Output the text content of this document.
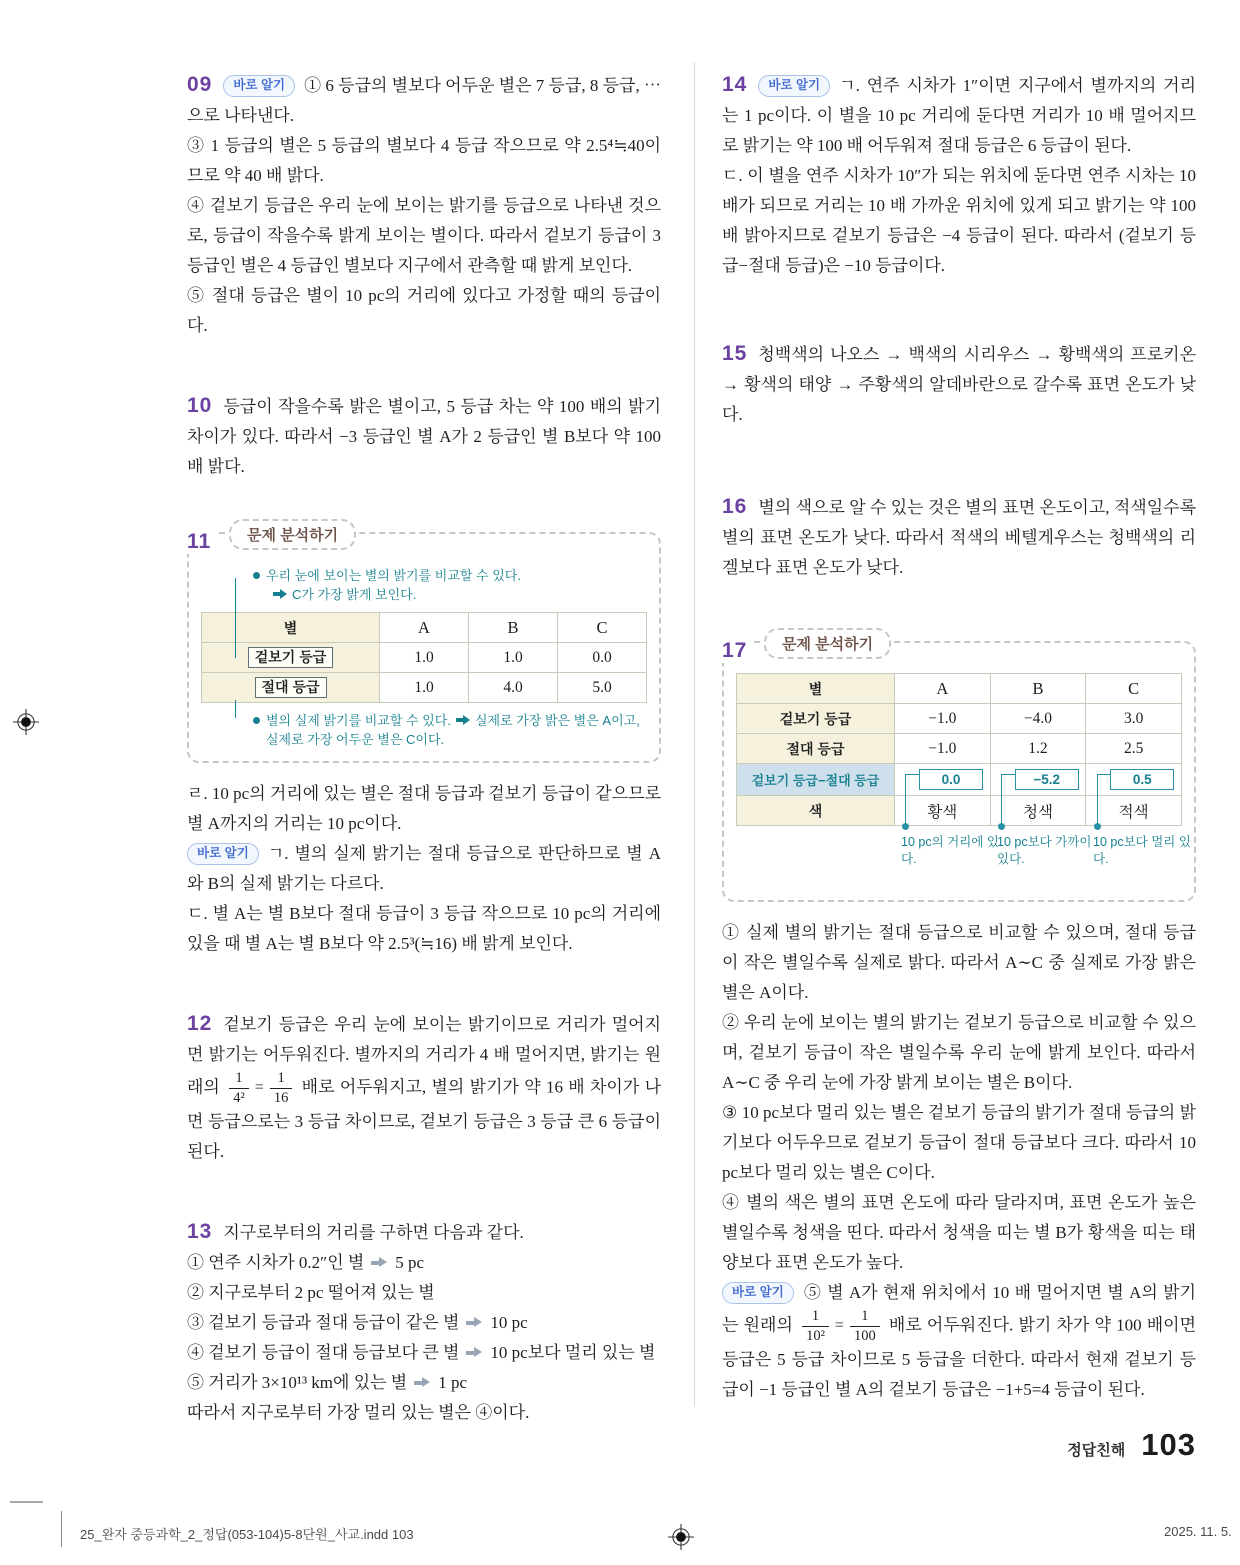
09 바로 알기 ① 6 등급의 별보다 어두운 별은 7 등급, 8 등급, ⋯ 으로 나타낸다.

③ 1 등급의 별은 5 등급의 별보다 4 등급 작으므로 약 2.5⁴≒40이므로 약 40 배 밝다.

④ 겉보기 등급은 우리 눈에 보이는 밝기를 등급으로 나타낸 것으로, 등급이 작을수록 밝게 보이는 별이다. 따라서 겉보기 등급이 3 등급인 별은 4 등급인 별보다 지구에서 관측할 때 밝게 보인다.

⑤ 절대 등급은 별이 10 pc의 거리에 있다고 가정할 때의 등급이다.

10 등급이 작을수록 밝은 별이고, 5 등급 차는 약 100 배의 밝기 차이가 있다. 따라서 −3 등급인 별 A가 2 등급인 별 B보다 약 100 배 밝다.

11	문제 분석하기
우리 눈에 보이는 별의 밝기를 비교할 수 있다.
C가 가장 밝게 보인다.
별	A	B	C
겉보기 등급	1.0	1.0	0.0
절대 등급	1.0	4.0	5.0
별의 실제 밝기를 비교할 수 있다. 실제로 가장 밝은 별은 A이고, 실제로 가장 어두운 별은 C이다.

ㄹ. 10 pc의 거리에 있는 별은 절대 등급과 겉보기 등급이 같으므로 별 A까지의 거리는 10 pc이다.

바로 알기 ㄱ. 별의 실제 밝기는 절대 등급으로 판단하므로 별 A와 B의 실제 밝기는 다르다.

ㄷ. 별 A는 별 B보다 절대 등급이 3 등급 작으므로 10 pc의 거리에 있을 때 별 A는 별 B보다 약 2.5³(≒16) 배 밝게 보인다.

12 겉보기 등급은 우리 눈에 보이는 밝기이므로 거리가 멀어지면 밝기는 어두워진다. 별까지의 거리가 4 배 멀어지면, 밝기는 원래의 $\frac{1}{\text{4²}} = \frac{1}{16}$ 배로 어두워지고, 별의 밝기가 약 16 배 차이가 나면 등급으로는 3 등급 차이므로, 겉보기 등급은 3 등급 큰 6 등급이 된다.

13 지구로부터의 거리를 구하면 다음과 같다.

① 연주 시차가 0.2″인 별 5 pc

② 지구로부터 2 pc 떨어져 있는 별

③ 겉보기 등급과 절대 등급이 같은 별 10 pc

④ 겉보기 등급이 절대 등급보다 큰 별 10 pc보다 멀리 있는 별

⑤ 거리가 3×10¹³ km에 있는 별 1 pc

따라서 지구로부터 가장 멀리 있는 별은 ④이다.

14 바로 알기 ㄱ. 연주 시차가 1″이면 지구에서 별까지의 거리는 1 pc이다. 이 별을 10 pc 거리에 둔다면 거리가 10 배 멀어지므로 밝기는 약 100 배 어두워져 절대 등급은 6 등급이 된다.

ㄷ. 이 별을 연주 시차가 10″가 되는 위치에 둔다면 연주 시차는 10 배가 되므로 거리는 10 배 가까운 위치에 있게 되고 밝기는 약 100 배 밝아지므로 겉보기 등급은 −4 등급이 된다. 따라서 (겉보기 등급−절대 등급)은 −10 등급이다.

15 청백색의 나오스 → 백색의 시리우스 → 황백색의 프로키온 → 황색의 태양 → 주황색의 알데바란으로 갈수록 표면 온도가 낮다.

16 별의 색으로 알 수 있는 것은 별의 표면 온도이고, 적색일수록 별의 표면 온도가 낮다. 따라서 적색의 베텔게우스는 청백색의 리겔보다 표면 온도가 낮다.

17	문제 분석하기
별	A	B	C
겉보기 등급	−1.0	−4.0	3.0
절대 등급	−1.0	1.2	2.5
겉보기 등급−절대 등급	0.0	−5.2	0.5
색	황색	청색	적색
10 pc의 거리에 있다.
10 pc보다 가까이 있다.
10 pc보다 멀리 있다.

① 실제 별의 밝기는 절대 등급으로 비교할 수 있으며, 절대 등급이 작은 별일수록 실제로 밝다. 따라서 A∼C 중 실제로 가장 밝은 별은 A이다.

② 우리 눈에 보이는 별의 밝기는 겉보기 등급으로 비교할 수 있으며, 겉보기 등급이 작은 별일수록 우리 눈에 밝게 보인다. 따라서 A∼C 중 우리 눈에 가장 밝게 보이는 별은 B이다.

③ 10 pc보다 멀리 있는 별은 겉보기 등급의 밝기가 절대 등급의 밝기보다 어두우므로 겉보기 등급이 절대 등급보다 크다. 따라서 10 pc보다 멀리 있는 별은 C이다.

④ 별의 색은 별의 표면 온도에 따라 달라지며, 표면 온도가 높은 별일수록 청색을 띤다. 따라서 청색을 띠는 별 B가 황색을 띠는 태양보다 표면 온도가 높다.

바로 알기 ⑤ 별 A가 현재 위치에서 10 배 멀어지면 별 A의 밝기는 원래의 $\frac{1}{\text{10²}} = \frac{1}{100}$ 배로 어두워진다. 밝기 차가 약 100 배이면 등급은 5 등급 차이므로 5 등급을 더한다. 따라서 현재 겉보기 등급이 −1 등급인 별 A의 겉보기 등급은 −1+5=4 등급이 된다.

정답친해 103
25_완자 중등과학_2_정답(053-104)5-8단원_사교.indd 103	2025. 11. 5.
